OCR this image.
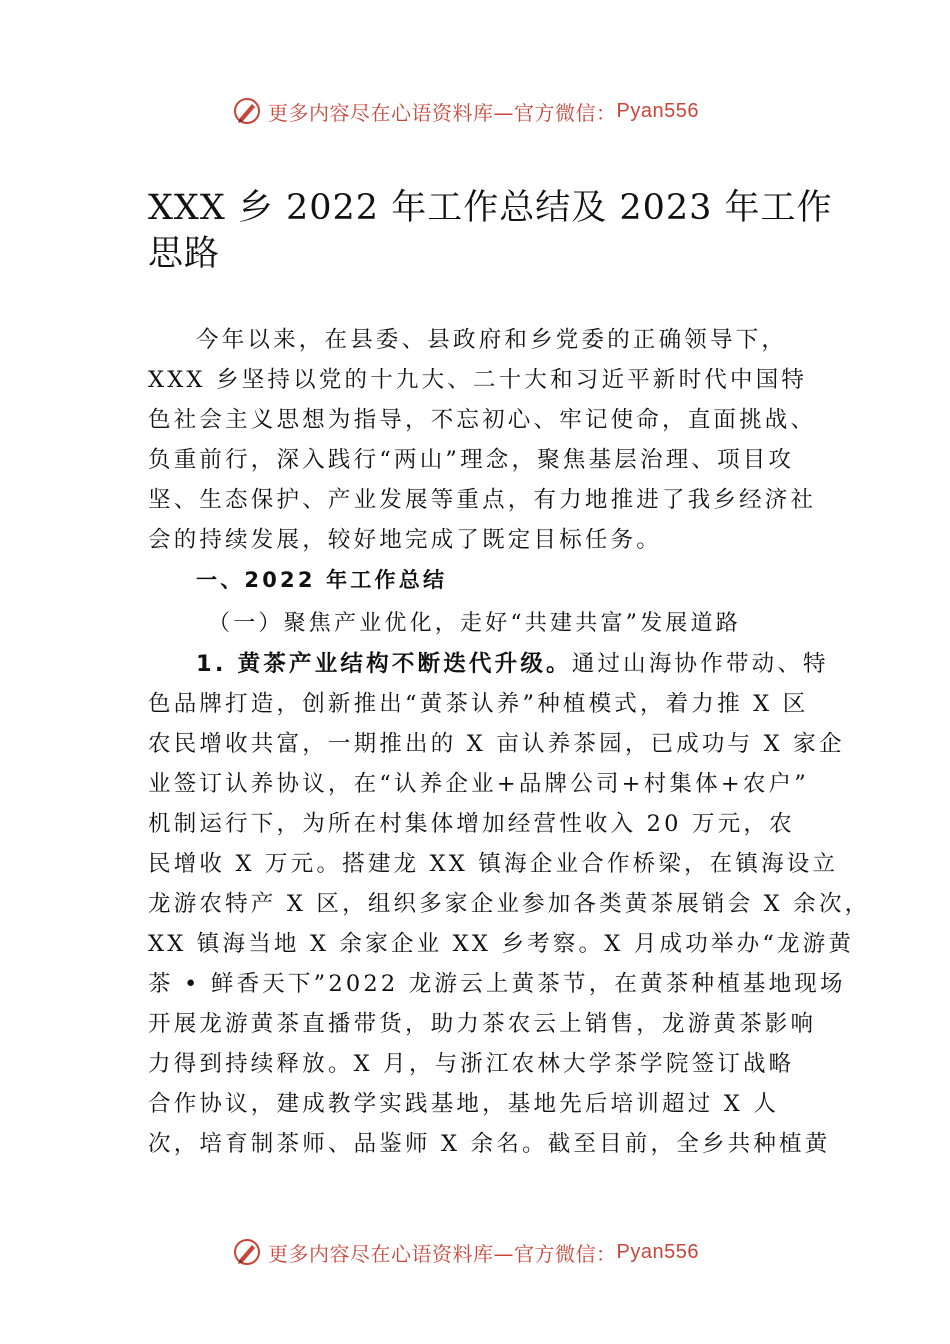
更多内容尽在心语资料库—官方微信： Pyan556
XXX 乡 2022 年工作总结及 2023 年工作思路

今年以来，在县委、县政府和乡党委的正确领导下，

XXX 乡坚持以党的十九大、二十大和习近平新时代中国特

色社会主义思想为指导，不忘初心、牢记使命，直面挑战、

负重前行，深入践行“两山”理念，聚焦基层治理、项目攻

坚、生态保护、产业发展等重点，有力地推进了我乡经济社

会的持续发展，较好地完成了既定目标任务。

一、2022 年工作总结

（一）聚焦产业优化，走好“共建共富”发展道路

1. 黄茶产业结构不断迭代升级。通过山海协作带动、特

色品牌打造，创新推出“黄茶认养”种植模式，着力推 X 区

农民增收共富，一期推出的 X 亩认养茶园，已成功与 X 家企

业签订认养协议，在“认养企业+品牌公司+村集体+农户”

机制运行下，为所在村集体增加经营性收入 20 万元，农

民增收 X 万元。搭建龙 XX 镇海企业合作桥梁，在镇海设立

龙游农特产 X 区，组织多家企业参加各类黄茶展销会 X 余次，

XX 镇海当地 X 余家企业 XX 乡考察。X 月成功举办“龙游黄

茶 • 鲜香天下”2022 龙游云上黄茶节，在黄茶种植基地现场

开展龙游黄茶直播带货，助力茶农云上销售，龙游黄茶影响

力得到持续释放。X 月，与浙江农林大学茶学院签订战略

合作协议，建成教学实践基地，基地先后培训超过 X 人

次，培育制茶师、品鉴师 X 余名。截至目前，全乡共种植黄

更多内容尽在心语资料库—官方微信： Pyan556
